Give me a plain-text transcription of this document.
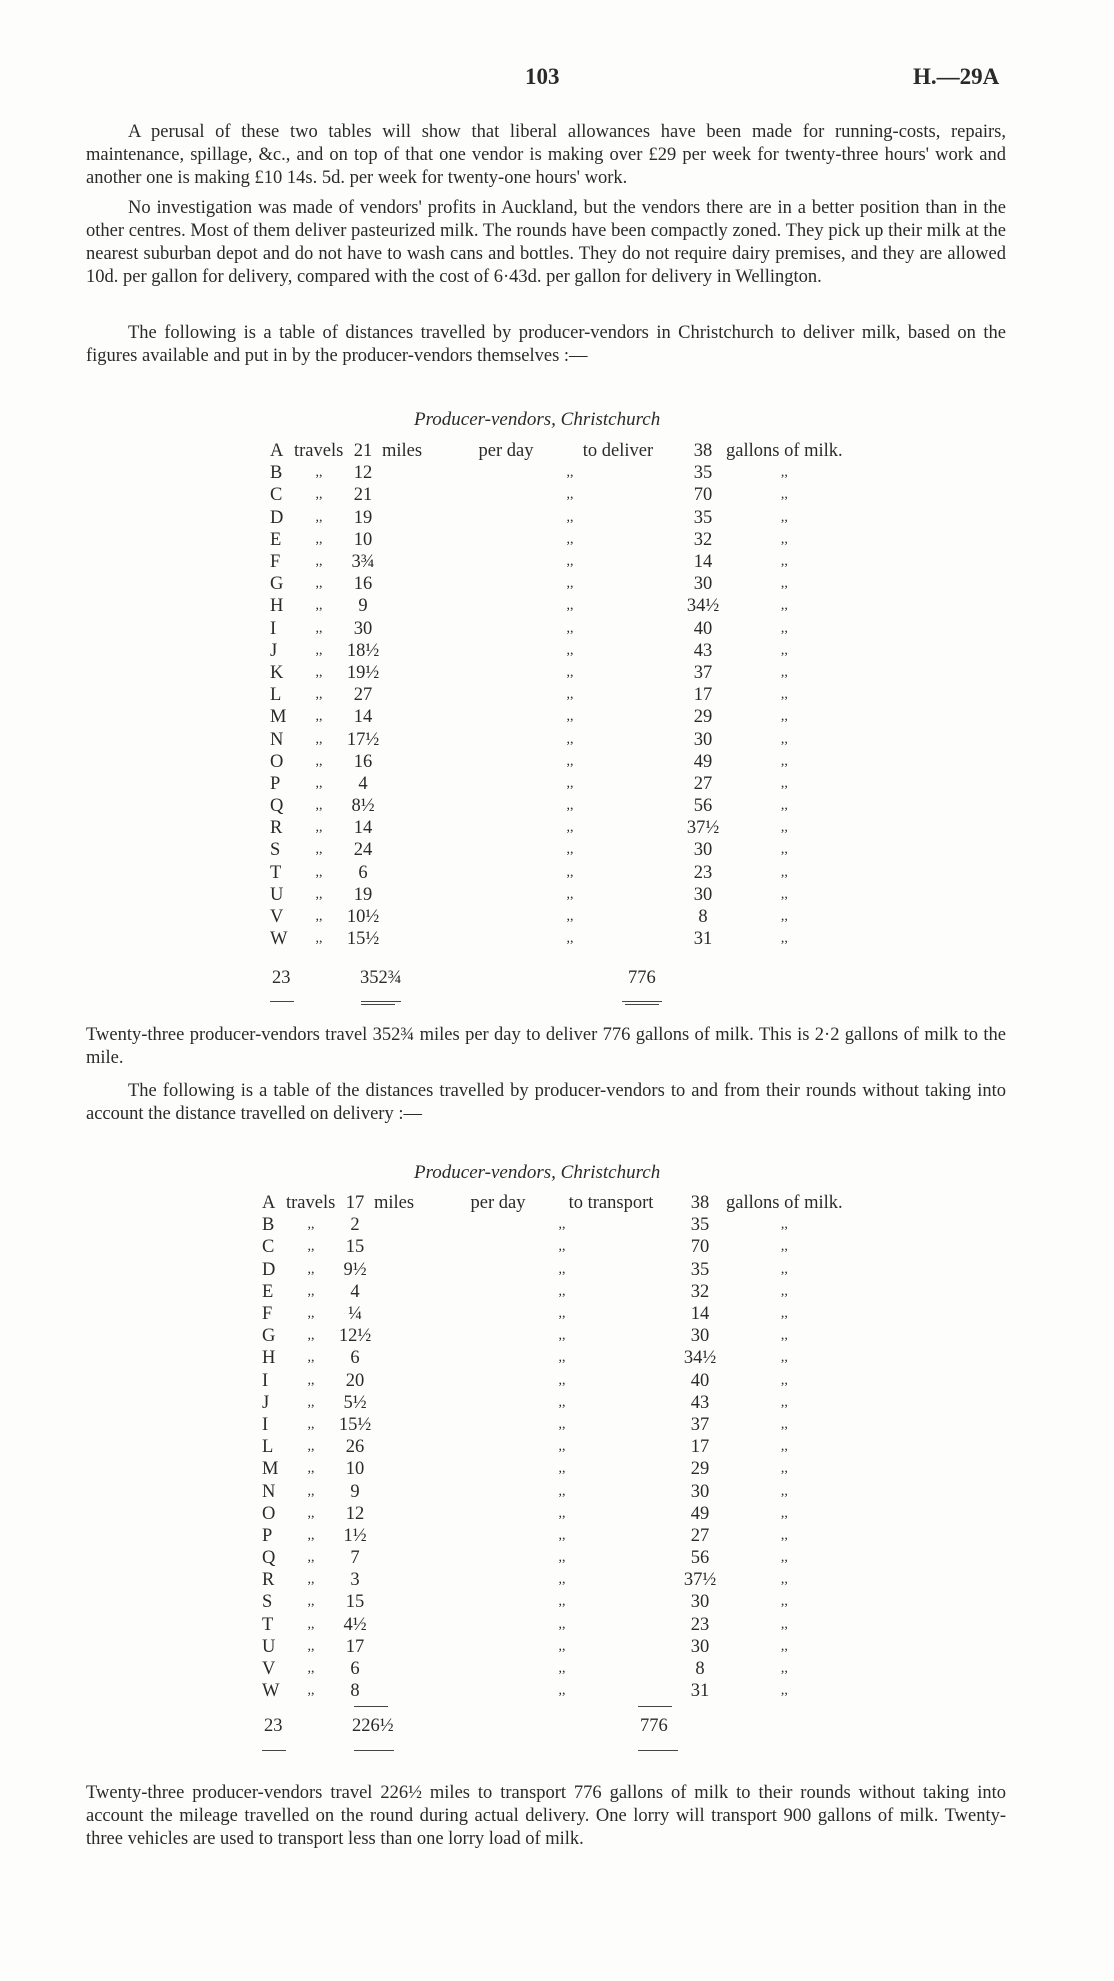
103	H.—29A

A perusal of these two tables will show that liberal allowances have been made for running-costs, repairs, maintenance, spillage, &c., and on top of that one vendor is making over £29 per week for twenty-three hours' work and another one is making £10 14s. 5d. per week for twenty-one hours' work.

No investigation was made of vendors' profits in Auckland, but the vendors there are in a better position than in the other centres. Most of them deliver pasteurized milk. The rounds have been compactly zoned. They pick up their milk at the nearest suburban depot and do not have to wash cans and bottles. They do not require dairy premises, and they are allowed 10d. per gallon for delivery, compared with the cost of 6·43d. per gallon for delivery in Wellington.

The following is a table of distances travelled by producer-vendors in Christchurch to deliver milk, based on the figures available and put in by the producer-vendors themselves :—

Producer-vendors, Christchurch
A	travels	21	miles	per day	to deliver		38	gallons of milk.
B	,,	12			,,		35	,,
C	,,	21			,,		70	,,
D	,,	19			,,		35	,,
E	,,	10			,,		32	,,
F	,,	3¾			,,		14	,,
G	,,	16			,,		30	,,
H	,,	9			,,		34½	,,
I	,,	30			,,		40	,,
J	,,	18½			,,		43	,,
K	,,	19½			,,		37	,,
L	,,	27			,,		17	,,
M	,,	14			,,		29	,,
N	,,	17½			,,		30	,,
O	,,	16			,,		49	,,
P	,,	4			,,		27	,,
Q	,,	8½			,,		56	,,
R	,,	14			,,		37½	,,
S	,,	24			,,		30	,,
T	,,	6			,,		23	,,
U	,,	19			,,		30	,,
V	,,	10½			,,		8	,,
W	,,	15½			,,		31	,,
23	352¾	776

Twenty-three producer-vendors travel 352¾ miles per day to deliver 776 gallons of milk. This is 2·2 gallons of milk to the mile.

The following is a table of the distances travelled by producer-vendors to and from their rounds without taking into account the distance travelled on delivery :—

Producer-vendors, Christchurch
A	travels	17	miles	per day	to transport		38	gallons of milk.
B	,,	2			,,		35	,,
C	,,	15			,,		70	,,
D	,,	9½			,,		35	,,
E	,,	4			,,		32	,,
F	,,	¼			,,		14	,,
G	,,	12½			,,		30	,,
H	,,	6			,,		34½	,,
I	,,	20			,,		40	,,
J	,,	5½			,,		43	,,
I	,,	15½			,,		37	,,
L	,,	26			,,		17	,,
M	,,	10			,,		29	,,
N	,,	9			,,		30	,,
O	,,	12			,,		49	,,
P	,,	1½			,,		27	,,
Q	,,	7			,,		56	,,
R	,,	3			,,		37½	,,
S	,,	15			,,		30	,,
T	,,	4½			,,		23	,,
U	,,	17			,,		30	,,
V	,,	6			,,		8	,,
W	,,	8			,,		31	,,
23	226½	776

Twenty-three producer-vendors travel 226½ miles to transport 776 gallons of milk to their rounds without taking into account the mileage travelled on the round during actual delivery. One lorry will transport 900 gallons of milk. Twenty-three vehicles are used to transport less than one lorry load of milk.
